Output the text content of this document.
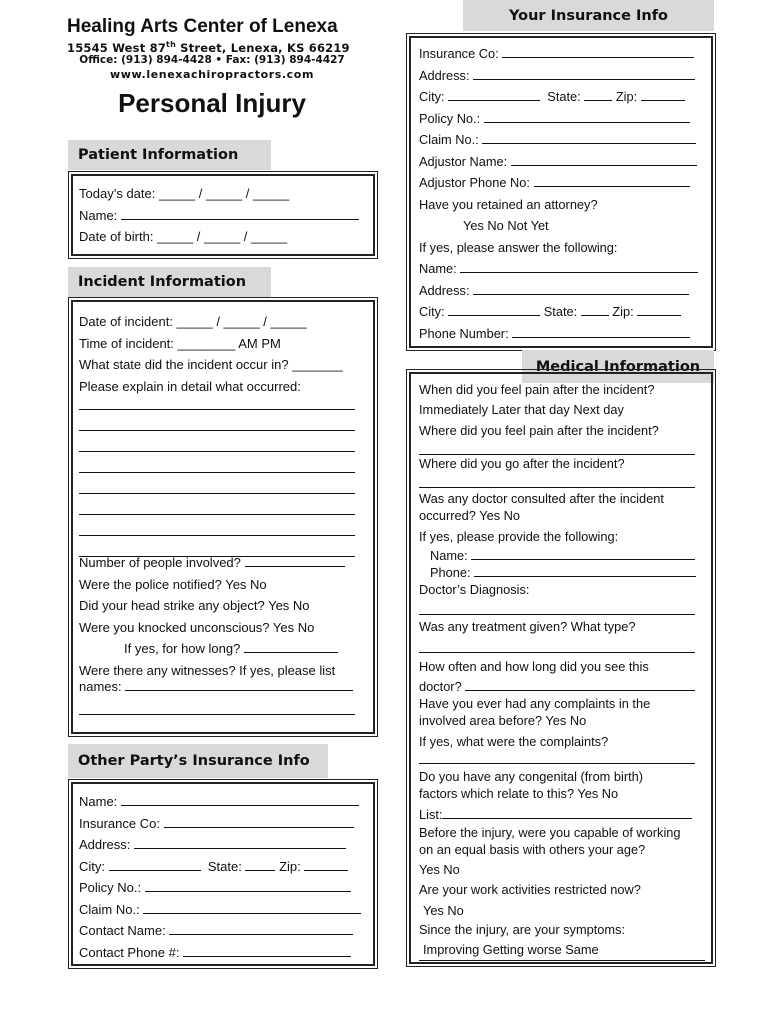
Healing Arts Center of Lenexa
15545 West 87th Street, Lenexa, KS 66219
Office: (913) 894-4428 • Fax: (913) 894-4427
www.lenexachiropractors.com
Personal Injury
Patient Information
Today’s date: _____ / _____ / _____
Name:
Date of birth: _____ / _____ / _____
Incident Information
Date of incident: _____ / _____ / _____
Time of incident: ________ AM PM
What state did the incident occur in? _______
Please explain in detail what occurred:
Number of people involved?
Were the police notified? Yes No
Did your head strike any object? Yes No
Were you knocked unconscious? Yes No
If yes, for how long?
Were there any witnesses? If yes, please list
names:
Other Party’s Insurance Info
Name:
Insurance Co:
Address:
City:	State:	Zip:
Policy No.:
Claim No.:
Contact Name:
Contact Phone #:
Your Insurance Info
Insurance Co:
Address:
City:	State:	Zip:
Policy No.:
Claim No.:
Adjustor Name:
Adjustor Phone No:
Have you retained an attorney?
Yes No Not Yet
If yes, please answer the following:
Name:
Address:
City:	State:	Zip:
Phone Number:
Medical Information
When did you feel pain after the incident?
Immediately Later that day Next day
Where did you feel pain after the incident?
Where did you go after the incident?
Was any doctor consulted after the incident
occurred? Yes No
If yes, please provide the following:
Name:
Phone:
Doctor’s Diagnosis:
Was any treatment given? What type?
How often and how long did you see this
doctor?
Have you ever had any complaints in the
involved area before? Yes No
If yes, what were the complaints?
Do you have any congenital (from birth)
factors which relate to this? Yes No
List:
Before the injury, were you capable of working
on an equal basis with others your age?
Yes No
Are your work activities restricted now?
Yes No
Since the injury, are your symptoms:
Improving Getting worse Same
